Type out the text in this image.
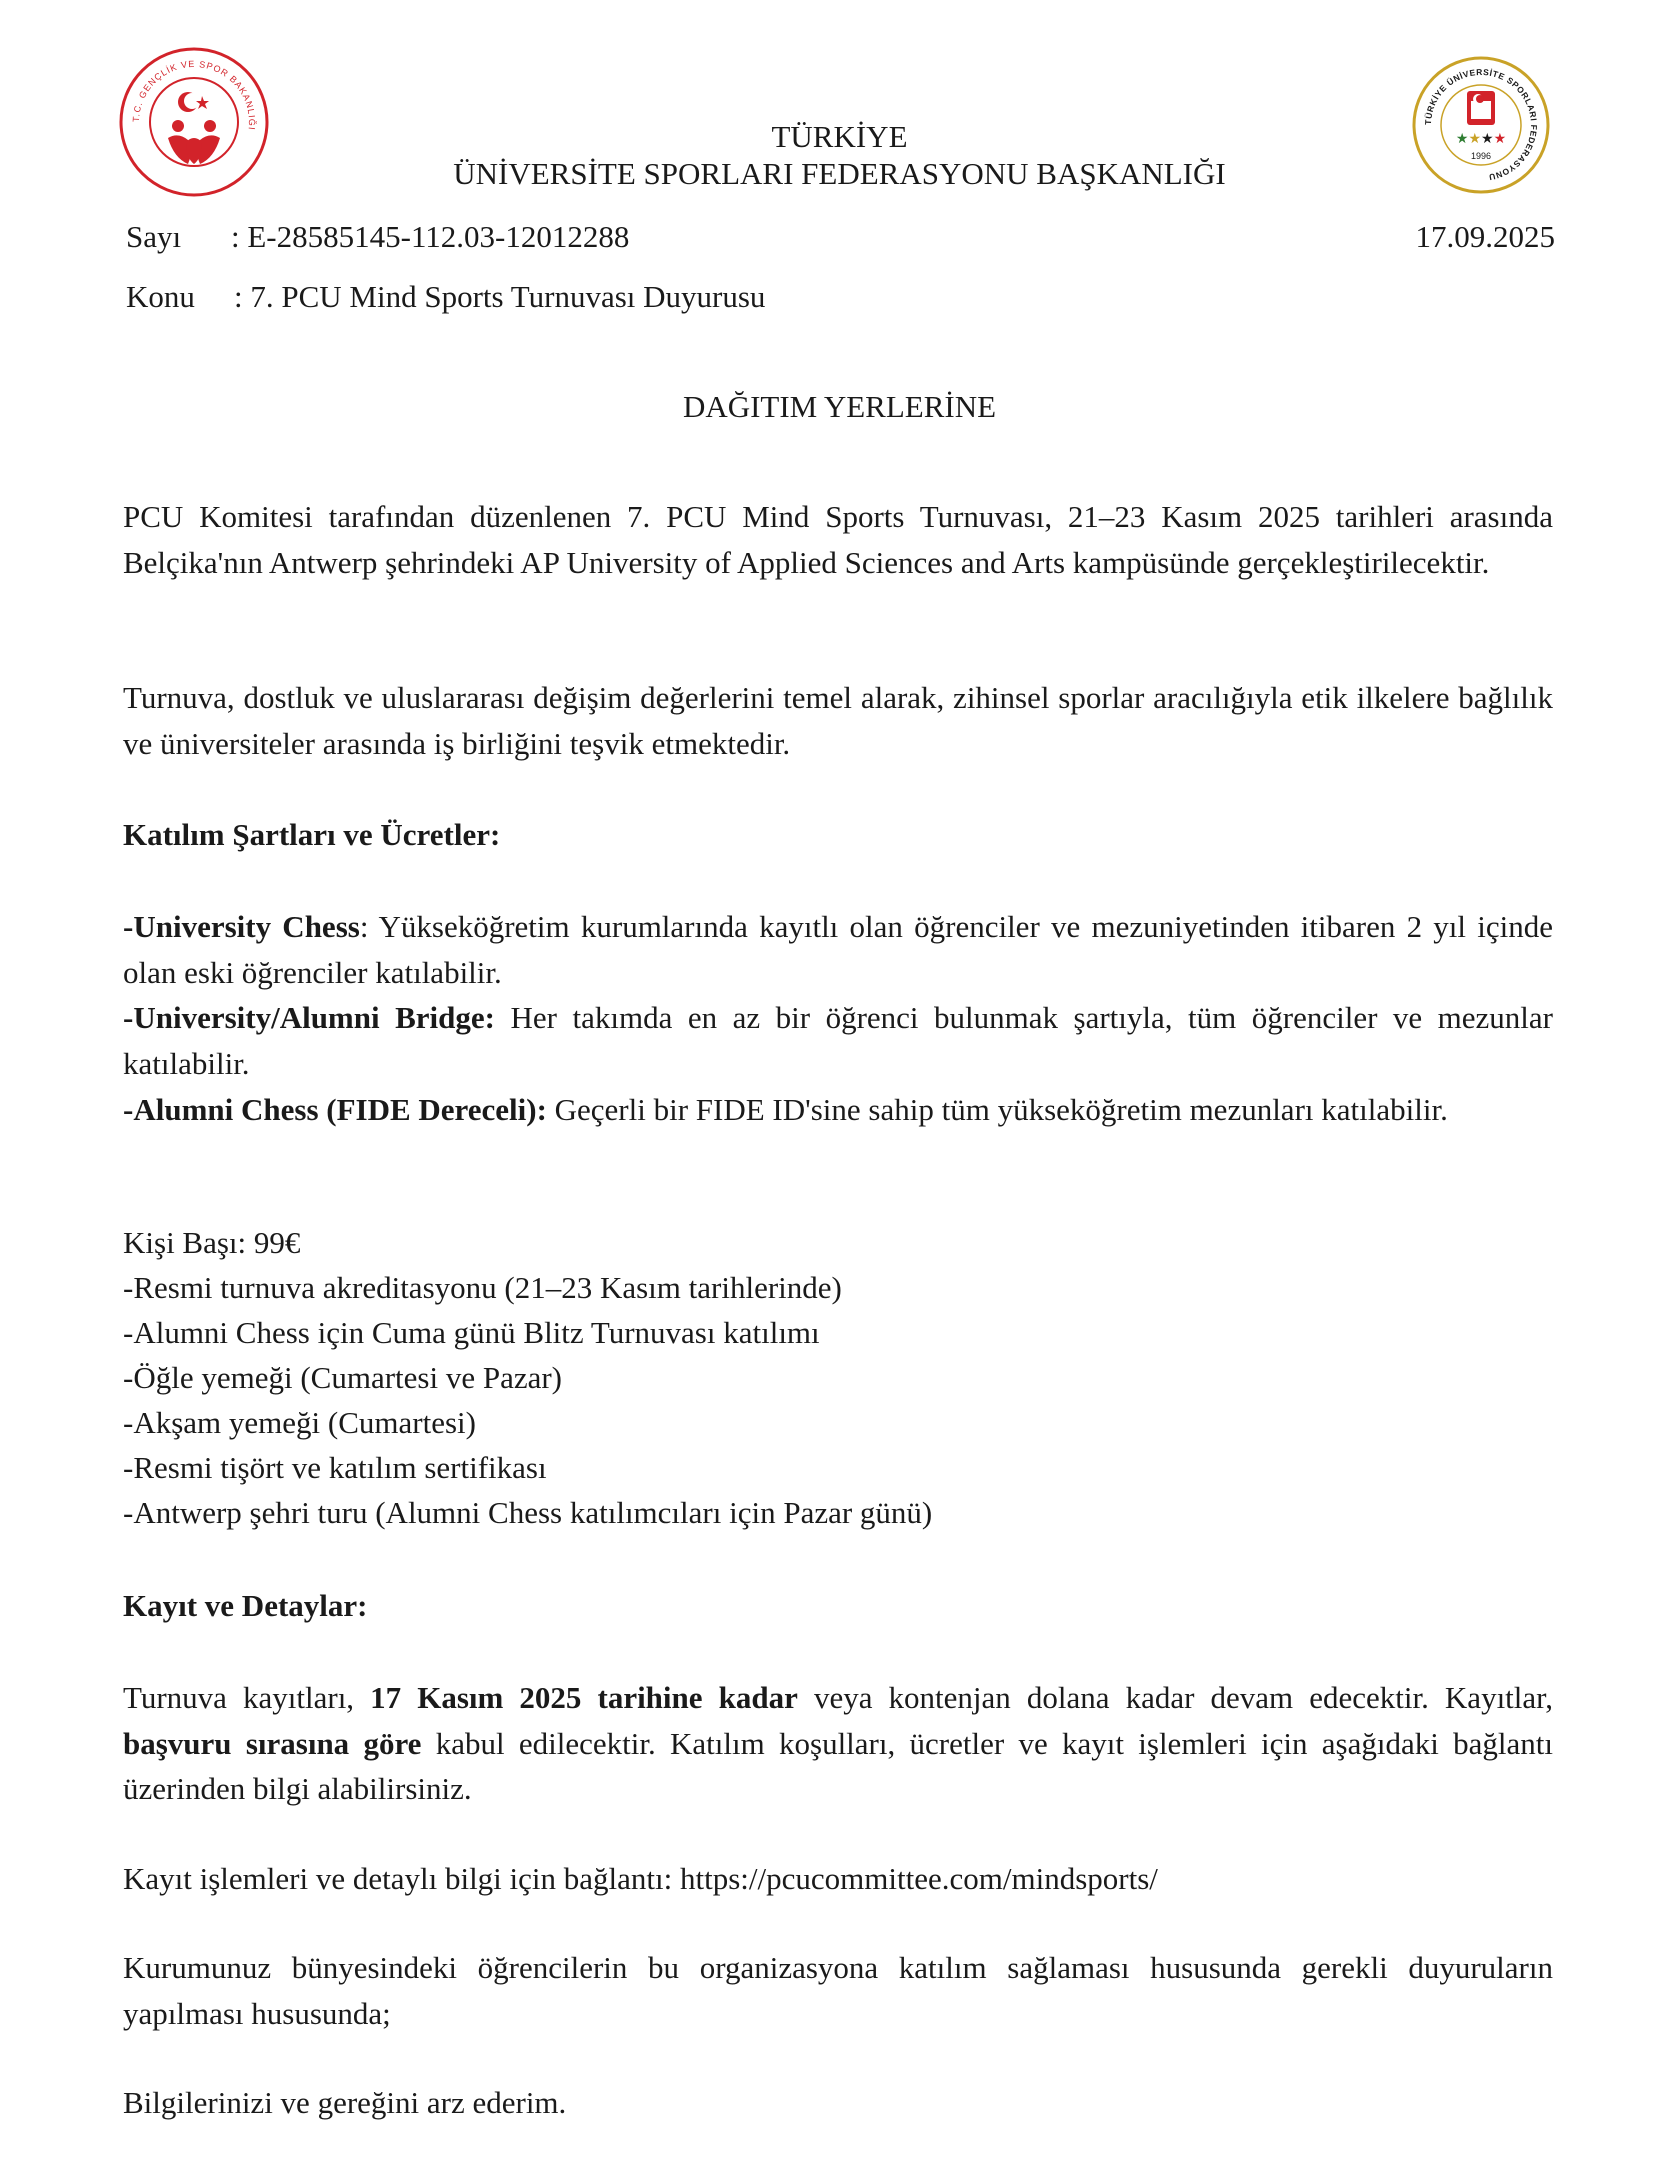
T.C. GENÇLİK VE SPOR BAKANLIĞI
TÜRKİYE ÜNİVERSİTE SPORLARI FEDERASYONU
★★★★
1996
TÜRKİYE
ÜNİVERSİTE SPORLARI FEDERASYONU BAŞKANLIĞI
Sayı : E-28585145-112.03-12012288	17.09.2025
Konu : 7. PCU Mind Sports Turnuvası Duyurusu
DAĞITIM YERLERİNE
PCU Komitesi tarafından düzenlenen 7. PCU Mind Sports Turnuvası, 21–23 Kasım 2025 tarihleri arasında Belçika'nın Antwerp şehrindeki AP University of Applied Sciences and Arts kampüsünde gerçekleştirilecektir.
Turnuva, dostluk ve uluslararası değişim değerlerini temel alarak, zihinsel sporlar aracılığıyla etik ilkelere bağlılık ve üniversiteler arasında iş birliğini teşvik etmektedir.
Katılım Şartları ve Ücretler:
-University Chess: Yükseköğretim kurumlarında kayıtlı olan öğrenciler ve mezuniyetinden itibaren 2 yıl içinde olan eski öğrenciler katılabilir.
-University/Alumni Bridge: Her takımda en az bir öğrenci bulunmak şartıyla, tüm öğrenciler ve mezunlar katılabilir.
-Alumni Chess (FIDE Dereceli): Geçerli bir FIDE ID'sine sahip tüm yükseköğretim mezunları katılabilir.
Kişi Başı: 99€
-Resmi turnuva akreditasyonu (21–23 Kasım tarihlerinde)
-Alumni Chess için Cuma günü Blitz Turnuvası katılımı
-Öğle yemeği (Cumartesi ve Pazar)
-Akşam yemeği (Cumartesi)
-Resmi tişört ve katılım sertifikası
-Antwerp şehri turu (Alumni Chess katılımcıları için Pazar günü)
Kayıt ve Detaylar:
Turnuva kayıtları, 17 Kasım 2025 tarihine kadar veya kontenjan dolana kadar devam edecektir. Kayıtlar, başvuru sırasına göre kabul edilecektir. Katılım koşulları, ücretler ve kayıt işlemleri için aşağıdaki bağlantı üzerinden bilgi alabilirsiniz.
Kayıt işlemleri ve detaylı bilgi için bağlantı: https://pcucommittee.com/mindsports/
Kurumunuz bünyesindeki öğrencilerin bu organizasyona katılım sağlaması hususunda gerekli duyuruların yapılması hususunda;
Bilgilerinizi ve gereğini arz ederim.
